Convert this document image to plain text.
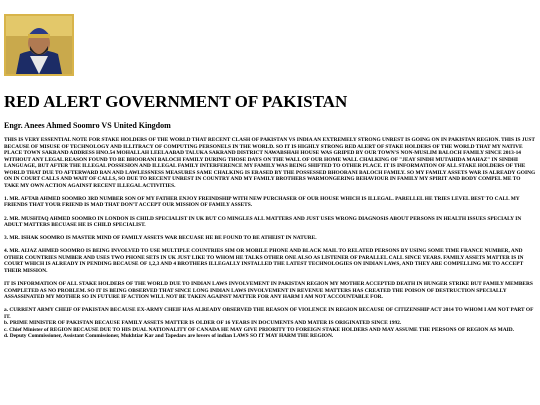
RED ALERT GOVERNMENT OF PAKISTAN

Engr. Anees Ahmed Soomro VS United Kingdom

THIS IS VERY ESSENTIAL NOTE FOR STAKE HOLDERS OF THE WORLD THAT RECENT CLASH OF PAKISTAN VS INDIA AN EXTREMELY STRONG UNREST IS GOING ON IN PAKISTAN REGION. THIS IS JUST BECAUSE OF MISUSE OF TECHNOLOGY AND ILLITRACY OF COMPUTING PERSONELS IN THE WORLD. SO IT IS HIGHLY STRONG RED ALERT OF STAKE HOLDERS OF THE WORLD THAT MY NATIVE PLACE TOWN SAKRAND ADDRESS HNO.54 MOHALLAH LEELAABAD TALUKA SAKRAND DISTRICT NAWABSHAH HOUSE WAS GRIPED BY OUR TOWN'S NON-MUSLIM BALOCH FAMILY SINCE 2013-14 WITHOUT ANY LEGAL REASON FOUND TO BE BHOORANI BALOCH FAMILY DURING THOSE DAYS ON THE WALL OF OUR HOME WALL CHALKING OF "JEAY SINDH MUTAHIDA MAHAZ" IN SINDHI LANGUAGE, BUT AFTER THE ILLEGAL POSSESION AND ILLEGAL FAMILY INTERFERENCE MY FAMILY WAS BEING SHIFTED TO OTHER PLACE. IT IS INFORMATION OF ALL STAKE HOLDERS OF THE WORLD THAT DUE TO AFTERWARD BAN AND LAWLESSNESS MEASURES SAME CHALKING IS ERASED BY THE POSSESSED BHOORANI BALOCH FAMILY. SO MY FAMILY ASSETS WAR IS ALREADY GOING ON IN COURT CALLS AND WAIT OF CALLS, SO DUE TO RECENT UNREST IN COUNTRY AND MY FAMILY BROTHERS WARMONGERING BEHAVIOUR IN FAMILY MY SPIRIT AND BODY COMPEL ME TO TAKE MY OWN ACTION AGAINST RECENT ILLEGAL ACTIVITIES.

1. MR. AFTAB AHMED SOOMRO 3RD NUMBER SON OF MY FATHER ENJOY FREINDSHIP WITH NEW PURCHASER OF OUR HOUSE WHICH IS ILLEGAL. PARELLEL HE TRIES LEVEL BEST TO CALL MY FRIENDS THAT YOUR FRIEND IS MAD THAT DON'T ACCEPT OUR MISSION OF FAMILY ASSETS.

2. MR. MUSHTAQ AHMED SOOMRO IN LONDON IS CHILD SPECIALIST IN UK BUT CO MINGLES ALL MATTERS AND JUST USES WRONG DIAGNOSIS ABOUT PERSONS IN HEALTH ISSUES SPECIALY IN ADULT MATTERS BECUASE HE IS CHILD SPECIALIST.

3. MR. ISHAK SOOMRO IS MASTER MIND OF FAMILY ASSETS WAR BECUASE HE BE FOUND TO BE ATHEIST IN NATURE.

4. MR. AIJAZ AHMED SOOMRO IS BEING INVOLVED TO USE MULTIPLE COUNTRIES SIM OR MOBILE PHONE AND BLACK MAIL TO RELATED PERSONS BY USING SOME TIME FRANCE NUMBER, AND OTHER COUNTRIES NUMBER AND USES TWO PHONE SETS IN UK JUST LIKE TO WHOM HE TALKS OTHER ONE ALSO AS LISTENER OF PARALLEL CALL SINCE YEARS. FAMILY ASSETS MATTER IS IN COURT WHICH IS ALREADY IN PENDING BECAUSE OF 1,2,3 AND 4 BROTHERS ILLEGALLY INSTALLED THE LATEST TECHNOLOGIES ON INDIAN LAWS, AND THEY ARE COMPELLING ME TO ACCEPT THEIR MISSION.

IT IS INFORMATION OF ALL STAKE HOLDERS OF THE WORLD DUE TO INDIAN LAWS INVOLVEMENT IN PAKISTAN REGION MY MOTHER ACCEPTED DEATH IN HUNGER STRIKE BUT FAMILY MEMBERS COMPLETED AS NO PROBLEM. SO IT IS BEING OBSERVED THAT SINCE LONG INDIAN LAWS INVOLVEMENT IN REVENUE MATTERS HAS CREATED THE POISON OF DESTRUCTION SPECIALLY ASSASSINATED MY MOTHER SO IN FUTURE IF ACTION WILL NOT BE TAKEN AGAINST MATTER FOR ANY HARM I AM NOT ACCOUNTABLE FOR.

a. CURRENT ARMY CHEIF OF PAKISTAN BECAUSE EX-ARMY CHEIF HAS ALREADY OBSERVED THE REASON OF VIOLENCE IN REGION BECAUSE OF CITIZENSHIP ACT 2014 TO WHOM I AM NOT PART OF IT.

b. PRIME MINISTER OF PAKISTAN BECAUSE FAMILY ASSETS MATTER IS OLDER OF 16 YEARS IN DOCUMENTS AND MATER IS ORIGINATED SINCE 1992.

c. Chief Minister of REGION BECAUSE DUE TO HIS DUAL NATIONALITY OF CANADA HE MAY GIVE PRIORITY TO FOREIGN STAKE HOLDERS AND MAY ASSUME THE PERSONS OF REGION AS MAID.

d. Deputy Commissioner, Assistant Commissioner, Mukhtiar Kar and Tapedars are lovers of indian LAWS SO IT MAY HARM THE REGION.
